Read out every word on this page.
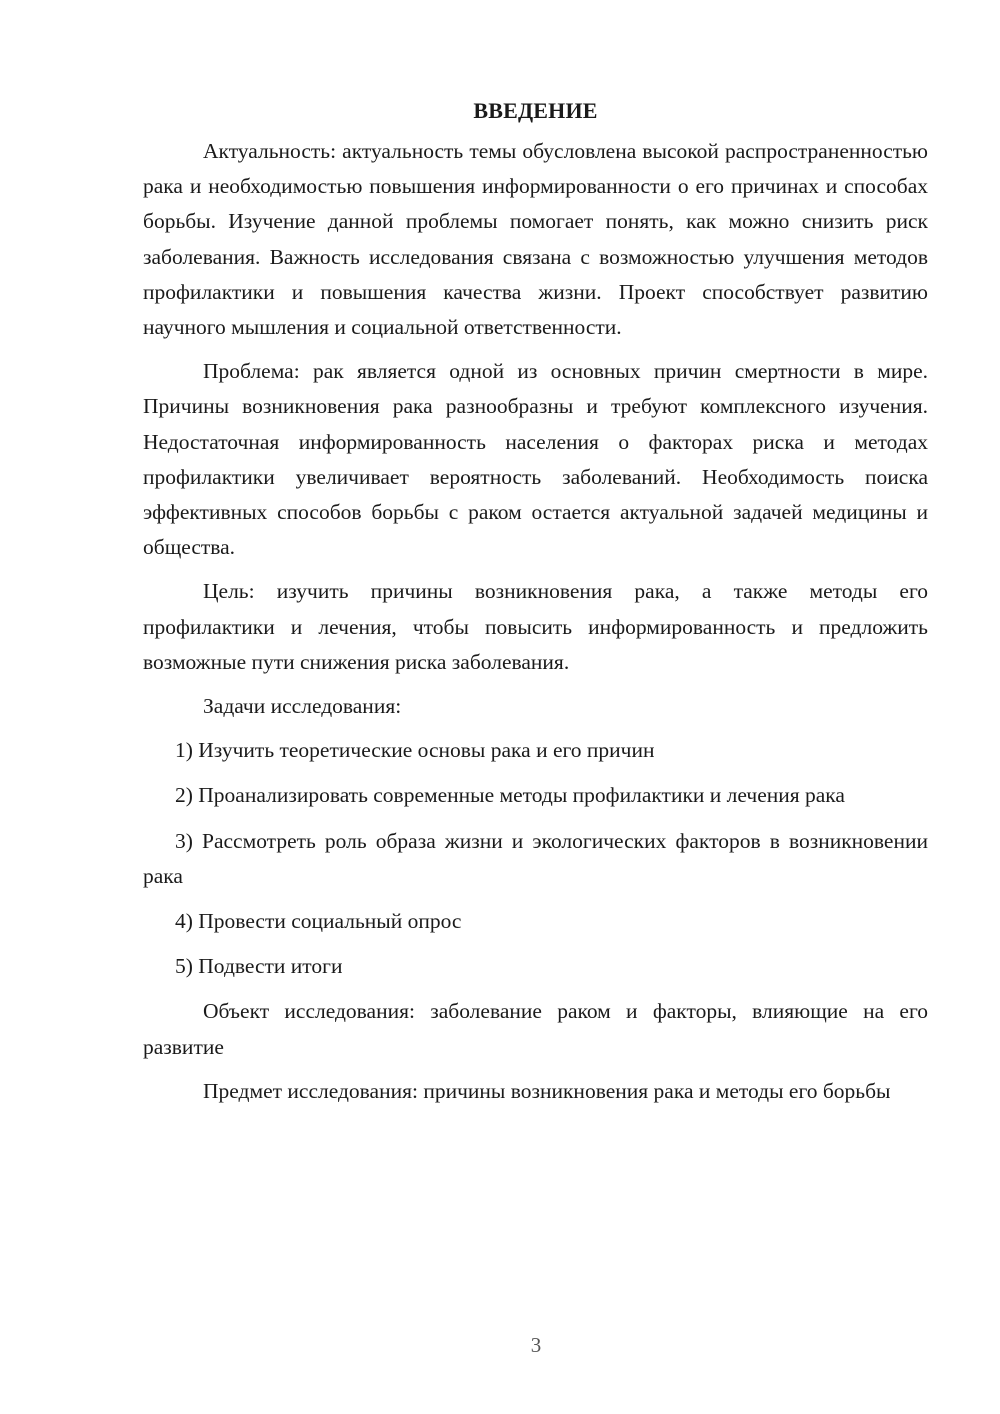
ВВЕДЕНИЕ

Актуальность: актуальность темы обусловлена высокой распространенностью рака и необходимостью повышения информированности о его причинах и способах борьбы. Изучение данной проблемы помогает понять, как можно снизить риск заболевания. Важность исследования связана с возможностью улучшения методов профилактики и повышения качества жизни. Проект способствует развитию научного мышления и социальной ответственности.

Проблема: рак является одной из основных причин смертности в мире. Причины возникновения рака разнообразны и требуют комплексного изучения. Недостаточная информированность населения о факторах риска и методах профилактики увеличивает вероятность заболеваний. Необходимость поиска эффективных способов борьбы с раком остается актуальной задачей медицины и общества.

Цель: изучить причины возникновения рака, а также методы его профилактики и лечения, чтобы повысить информированность и предложить возможные пути снижения риска заболевания.

Задачи исследования:

1) Изучить теоретические основы рака и его причин

2) Проанализировать современные методы профилактики и лечения рака

3) Рассмотреть роль образа жизни и экологических факторов в возникновении рака

4) Провести социальный опрос

5) Подвести итоги

Объект исследования: заболевание раком и факторы, влияющие на его развитие

Предмет исследования: причины возникновения рака и методы его борьбы

3
